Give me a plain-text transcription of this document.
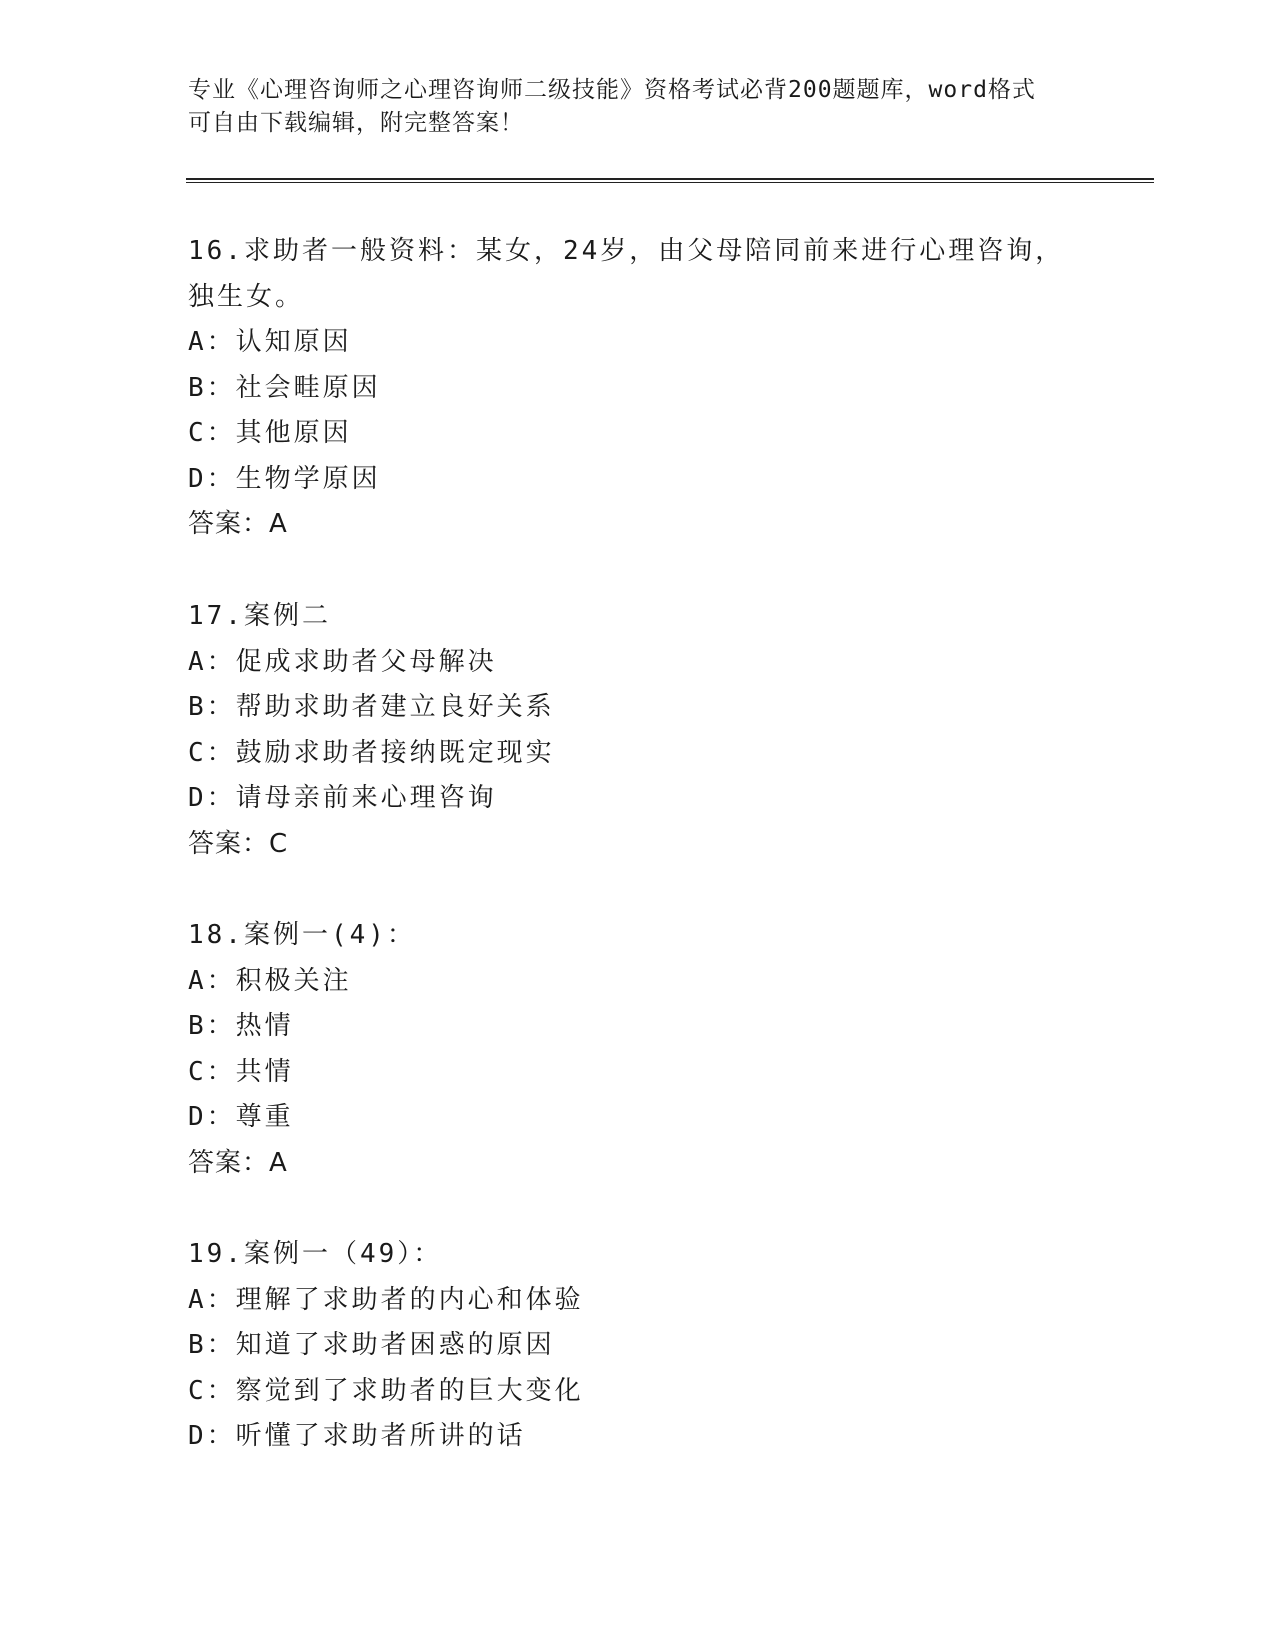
专业《心理咨询师之心理咨询师二级技能》资格考试必背200题题库，word格式
可自由下载编辑，附完整答案！
16.求助者一般资料：某女，24岁，由父母陪同前来进行心理咨询，独生女。
A：认知原因
B：社会畦原因
C：其他原因
D：生物学原因
答案：A
17.案例二
A：促成求助者父母解决
B：帮助求助者建立良好关系
C：鼓励求助者接纳既定现实
D：请母亲前来心理咨询
答案：C
18.案例一(4)：
A：积极关注
B：热情
C：共情
D：尊重
答案：A
19.案例一（49）：
A：理解了求助者的内心和体验
B：知道了求助者困惑的原因
C：察觉到了求助者的巨大变化
D：听懂了求助者所讲的话
